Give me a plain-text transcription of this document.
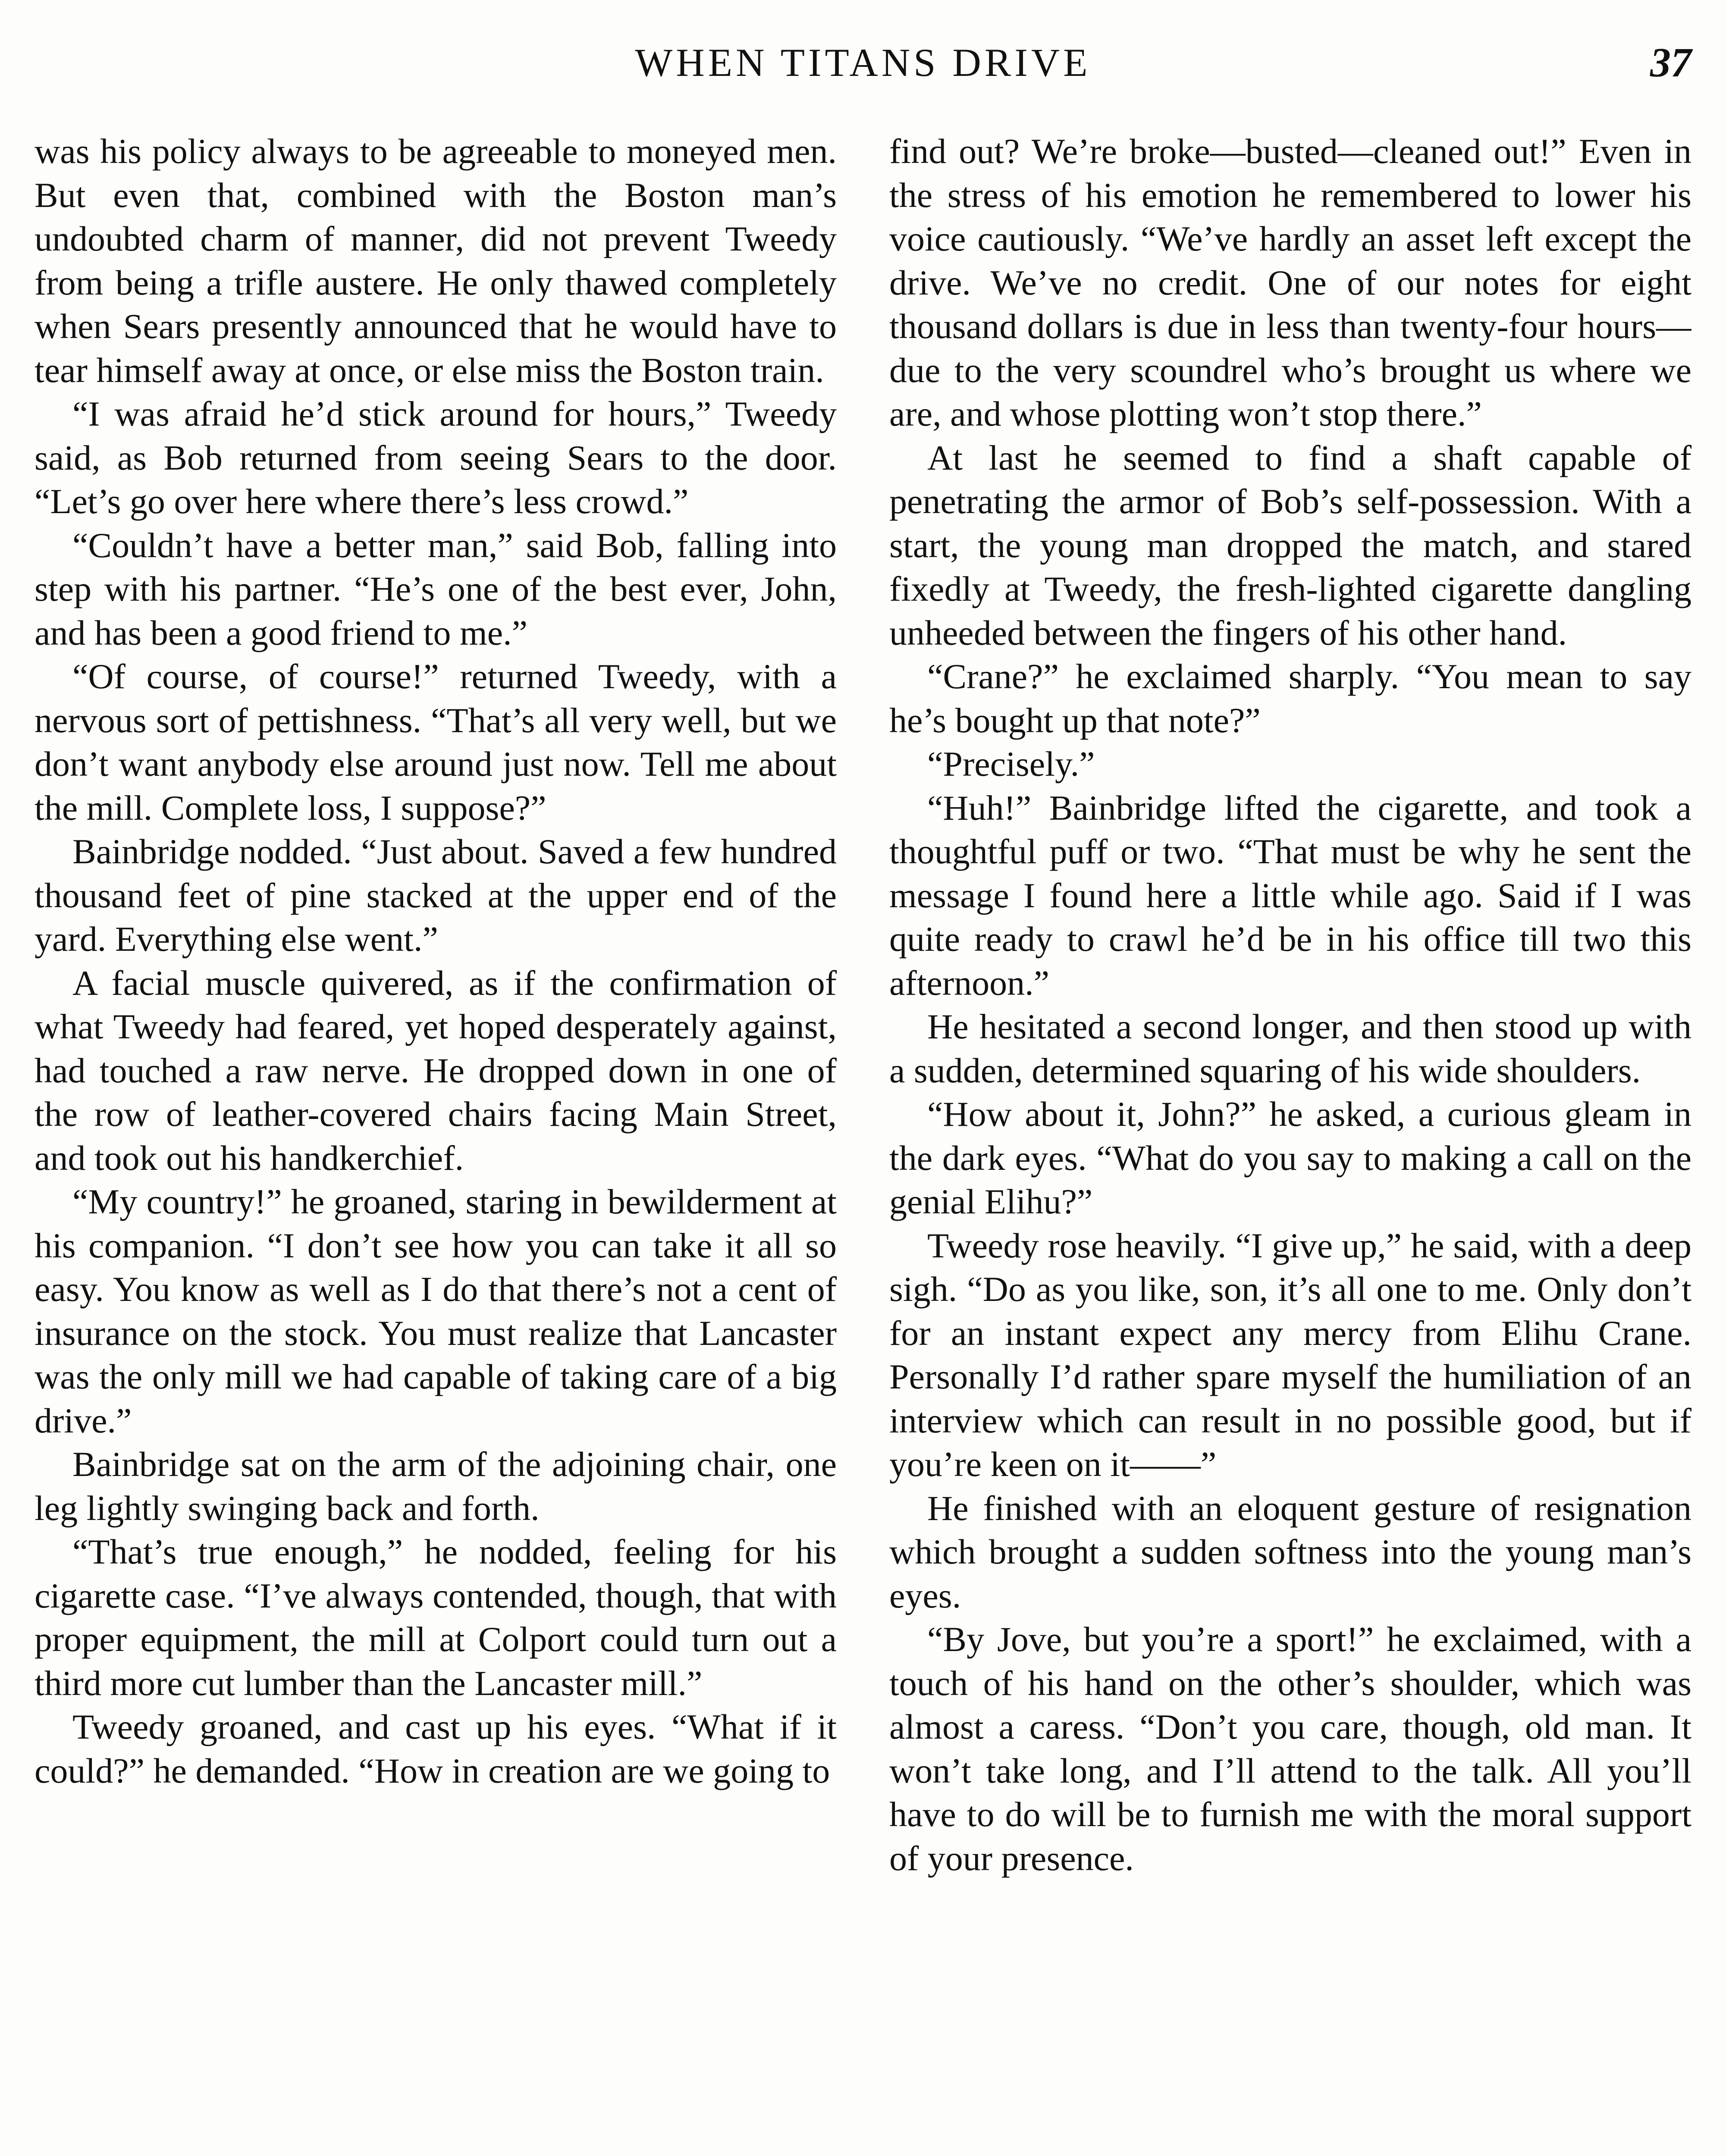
WHEN TITANS DRIVE	37

was his policy always to be agreeable to moneyed men. But even that, combined with the Boston man’s undoubted charm of manner, did not prevent Tweedy from being a trifle austere. He only thawed completely when Sears presently announced that he would have to tear himself away at once, or else miss the Boston train.

“I was afraid he’d stick around for hours,” Tweedy said, as Bob returned from seeing Sears to the door. “Let’s go over here where there’s less crowd.”

“Couldn’t have a better man,” said Bob, falling into step with his partner. “He’s one of the best ever, John, and has been a good friend to me.”

“Of course, of course!” returned Tweedy, with a nervous sort of pettishness. “That’s all very well, but we don’t want anybody else around just now. Tell me about the mill. Complete loss, I suppose?”

Bainbridge nodded. “Just about. Saved a few hundred thousand feet of pine stacked at the upper end of the yard. Everything else went.”

A facial muscle quivered, as if the confirmation of what Tweedy had feared, yet hoped desperately against, had touched a raw nerve. He dropped down in one of the row of leather-covered chairs facing Main Street, and took out his handkerchief.

“My country!” he groaned, staring in bewilderment at his companion. “I don’t see how you can take it all so easy. You know as well as I do that there’s not a cent of insurance on the stock. You must realize that Lancaster was the only mill we had capable of taking care of a big drive.”

Bainbridge sat on the arm of the adjoining chair, one leg lightly swinging back and forth.

“That’s true enough,” he nodded, feeling for his cigarette case. “I’ve always contended, though, that with proper equipment, the mill at Colport could turn out a third more cut lumber than the Lancaster mill.”

Tweedy groaned, and cast up his eyes. “What if it could?” he demanded. “How in creation are we going to

find out? We’re broke—busted—cleaned out!” Even in the stress of his emotion he remembered to lower his voice cautiously. “We’ve hardly an asset left except the drive. We’ve no credit. One of our notes for eight thousand dollars is due in less than twenty-four hours—due to the very scoundrel who’s brought us where we are, and whose plotting won’t stop there.”

At last he seemed to find a shaft capable of penetrating the armor of Bob’s self-possession. With a start, the young man dropped the match, and stared fixedly at Tweedy, the fresh-lighted cigarette dangling unheeded between the fingers of his other hand.

“Crane?” he exclaimed sharply. “You mean to say he’s bought up that note?”

“Precisely.”

“Huh!” Bainbridge lifted the cigarette, and took a thoughtful puff or two. “That must be why he sent the message I found here a little while ago. Said if I was quite ready to crawl he’d be in his office till two this afternoon.”

He hesitated a second longer, and then stood up with a sudden, determined squaring of his wide shoulders.

“How about it, John?” he asked, a curious gleam in the dark eyes. “What do you say to making a call on the genial Elihu?”

Tweedy rose heavily. “I give up,” he said, with a deep sigh. “Do as you like, son, it’s all one to me. Only don’t for an instant expect any mercy from Elihu Crane. Personally I’d rather spare myself the humiliation of an interview which can result in no possible good, but if you’re keen on it——”

He finished with an eloquent gesture of resignation which brought a sudden softness into the young man’s eyes.

“By Jove, but you’re a sport!” he exclaimed, with a touch of his hand on the other’s shoulder, which was almost a caress. “Don’t you care, though, old man. It won’t take long, and I’ll attend to the talk. All you’ll have to do will be to furnish me with the moral support of your presence.
